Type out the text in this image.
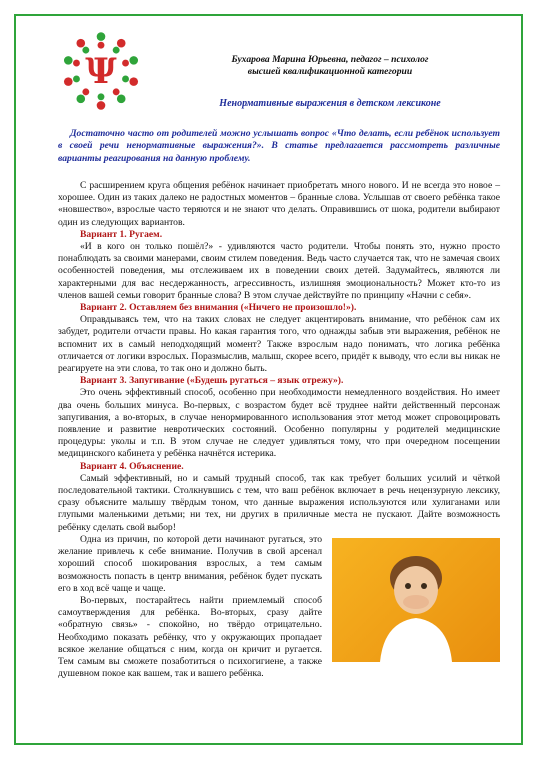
Ψ	Бухарова Марина Юрьевна, педагог – психолог
высшей квалификационной категории
Ненормативные выражения в детском лексиконе

Достаточно часто от родителей можно услышать вопрос «Что делать, если ребёнок использует в своей речи ненормативные выражения?». В статье предлагается рассмотреть различные варианты реагирования на данную проблему.

С расширением круга общения ребёнок начинает приобретать много нового. И не всегда это новое – хорошее. Один из таких далеко не радостных моментов – бранные слова. Услышав от своего ребёнка такое «новшество», взрослые часто теряются и не знают что делать. Оправившись от шока, родители выбирают один из следующих вариантов.

Вариант 1. Ругаем.

«И в кого он только пошёл?» - удивляются часто родители. Чтобы понять это, нужно просто понаблюдать за своими манерами, своим стилем поведения. Ведь часто случается так, что не замечая своих особенностей поведения, мы отслеживаем их в поведении своих детей. Задумайтесь, являются ли характерными для вас несдержанность, агрессивность, излишняя эмоциональность? Может кто-то из членов вашей семьи говорит бранные слова? В этом случае действуйте по принципу «Начни с себя».

Вариант 2. Оставляем без внимания («Ничего не произошло!»).

Оправдываясь тем, что на таких словах не следует акцентировать внимание, что ребёнок сам их забудет, родители отчасти правы. Но какая гарантия того, что однажды забыв эти выражения, ребёнок не вспомнит их в самый неподходящий момент? Также взрослым надо понимать, что логика ребёнка отличается от логики взрослых. Поразмыслив, малыш, скорее всего, придёт к выводу, что если вы никак не реагируете на эти слова, то так оно и должно быть.

Вариант 3. Запугивание («Будешь ругаться – язык отрежу»).

Это очень эффективный способ, особенно при необходимости немедленного воздействия. Но имеет два очень больших минуса. Во-первых, с возрастом будет всё труднее найти действенный персонаж запугивания, а во-вторых, в случае ненормированного использования этот метод может спровоцировать появление и развитие невротических состояний. Особенно популярны у родителей медицинские процедуры: уколы и т.п. В этом случае не следует удивляться тому, что при очередном посещении медицинского кабинета у ребёнка начнётся истерика.

Вариант 4. Объяснение.

Самый эффективный, но и самый трудный способ, так как требует больших усилий и чёткой последовательной тактики. Столкнувшись с тем, что ваш ребёнок включает в речь нецензурную лексику, сразу объясните малышу твёрдым тоном, что данные выражения используются или хулиганами или глупыми маленькими детьми; ни тех, ни других в приличные места не пускают. Дайте возможность ребёнку сделать свой выбор!

Одна из причин, по которой дети начинают ругаться, это желание привлечь к себе внимание. Получив в свой арсенал хороший способ шокирования взрослых, а тем самым возможность попасть в центр внимания, ребёнок будет пускать его в ход всё чаще и чаще.

Во-первых, постарайтесь найти приемлемый способ самоутверждения для ребёнка. Во-вторых, сразу дайте «обратную связь» - спокойно, но твёрдо отрицательно. Необходимо показать ребёнку, что у окружающих пропадает всякое желание общаться с ним, когда он кричит и ругается. Тем самым вы сможете позаботиться о психогигиене, а также душевном покое как вашем, так и вашего ребёнка.
